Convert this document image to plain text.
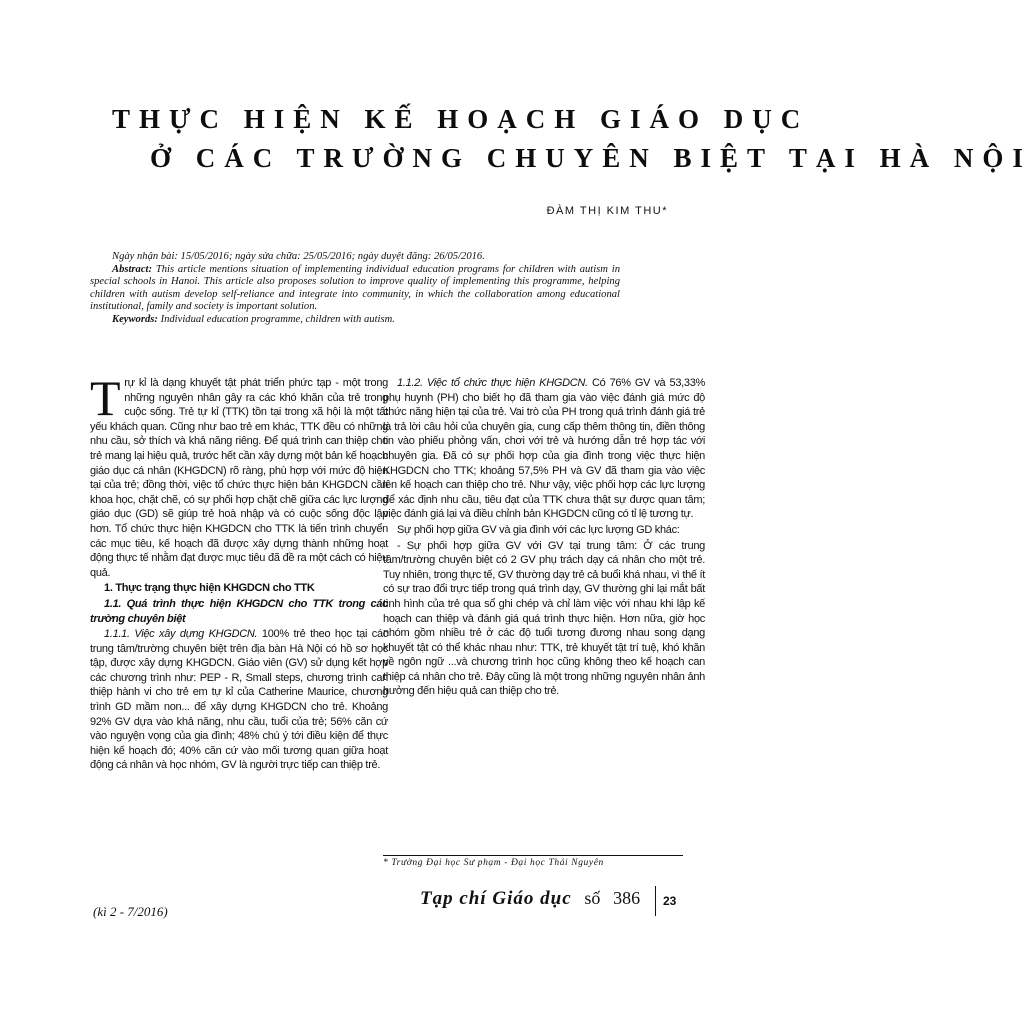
THỰC HIỆN KẾ HOẠCH GIÁO DỤC
Ở CÁC TRƯỜNG CHUYÊN BIỆT TẠI HÀ NỘI
ĐÀM THỊ KIM THU*

Ngày nhận bài: 15/05/2016; ngày sửa chữa: 25/05/2016; ngày duyệt đăng: 26/05/2016.

Abstract: This article mentions situation of implementing individual education programs for children with autism in special schools in Hanoi. This article also proposes solution to improve quality of implementing this programme, helping children with autism develop self-reliance and integrate into community, in which the collaboration among educational institutional, family and society is important solution.

Keywords: Individual education programme, children with autism.

Trự kỉ là dạng khuyết tật phát triển phức tạp - một trong những nguyên nhân gây ra các khó khăn của trẻ trong cuộc sống. Trẻ tự kỉ (TTK) tồn tại trong xã hội là một tất yếu khách quan. Cũng như bao trẻ em khác, TTK đều có những nhu cầu, sở thích và khả năng riêng. Để quá trình can thiệp cho trẻ mang lại hiệu quả, trước hết cần xây dựng một bản kế hoạch giáo dục cá nhân (KHGDCN) rõ ràng, phù hợp với mức độ hiện tại của trẻ; đồng thời, việc tổ chức thực hiện bản KHGDCN cần khoa học, chặt chẽ, có sự phối hợp chặt chẽ giữa các lực lượng giáo dục (GD) sẽ giúp trẻ hoà nhập và có cuộc sống độc lập hơn. Tổ chức thực hiện KHGDCN cho TTK là tiến trình chuyển các mục tiêu, kế hoạch đã được xây dựng thành những hoạt động thực tế nhằm đạt được mục tiêu đã đề ra một cách có hiệu quả.

1. Thực trạng thực hiện KHGDCN cho TTK

1.1. Quá trình thực hiện KHGDCN cho TTK trong các trường chuyên biệt

1.1.1. Việc xây dựng KHGDCN. 100% trẻ theo học tại các trung tâm/trường chuyên biệt trên địa bàn Hà Nội có hồ sơ học tập, được xây dựng KHGDCN. Giáo viên (GV) sử dụng kết hợp các chương trình như: PEP - R, Small steps, chương trình can thiệp hành vi cho trẻ em tự kỉ của Catherine Maurice, chương trình GD mầm non... để xây dựng KHGDCN cho trẻ. Khoảng 92% GV dựa vào khả năng, nhu cầu, tuổi của trẻ; 56% căn cứ vào nguyện vọng của gia đình; 48% chú ý tới điều kiện để thực hiện kế hoạch đó; 40% căn cứ vào mối tương quan giữa hoạt động cá nhân và học nhóm, GV là người trực tiếp can thiệp trẻ.

1.1.2. Việc tổ chức thực hiện KHGDCN. Có 76% GV và 53,33% phụ huynh (PH) cho biết họ đã tham gia vào việc đánh giá mức độ chức năng hiện tại của trẻ. Vai trò của PH trong quá trình đánh giá trẻ là trả lời câu hỏi của chuyên gia, cung cấp thêm thông tin, điền thông tin vào phiếu phỏng vấn, chơi với trẻ và hướng dẫn trẻ hợp tác với chuyên gia. Đã có sự phối hợp của gia đình trong việc thực hiện KHGDCN cho TTK; khoảng 57,5% PH và GV đã tham gia vào việc lên kế hoạch can thiệp cho trẻ. Như vậy, việc phối hợp các lực lượng để xác định nhu cầu, tiêu đạt của TTK chưa thật sự được quan tâm; việc đánh giá lại và điều chỉnh bản KHGDCN cũng có tỉ lệ tương tự.

Sự phối hợp giữa GV và gia đình với các lực lượng GD khác:

- Sự phối hợp giữa GV với GV tại trung tâm: Ở các trung tâm/trường chuyên biệt có 2 GV phụ trách dạy cá nhân cho một trẻ. Tuy nhiên, trong thực tế, GV thường dạy trẻ cả buổi khá nhau, vì thế ít có sự trao đổi trực tiếp trong quá trình dạy, GV thường ghi lại mắt bất tình hình của trẻ qua sổ ghi chép và chỉ làm việc với nhau khi lập kế hoạch can thiệp và đánh giá quá trình thực hiện. Hơn nữa, giờ học nhóm gồm nhiều trẻ ở các độ tuổi tương đương nhau song dạng khuyết tật có thể khác nhau như: TTK, trẻ khuyết tật trí tuệ, khó khăn về ngôn ngữ ...và chương trình học cũng không theo kế hoạch can thiệp cá nhân cho trẻ. Đây cũng là một trong những nguyên nhân ảnh hưởng đến hiệu quả can thiệp cho trẻ.

* Trường Đại học Sư phạm - Đại học Thái Nguyên
(kì 2 - 7/2016)
Tạp chí Giáo dục số 386 23
